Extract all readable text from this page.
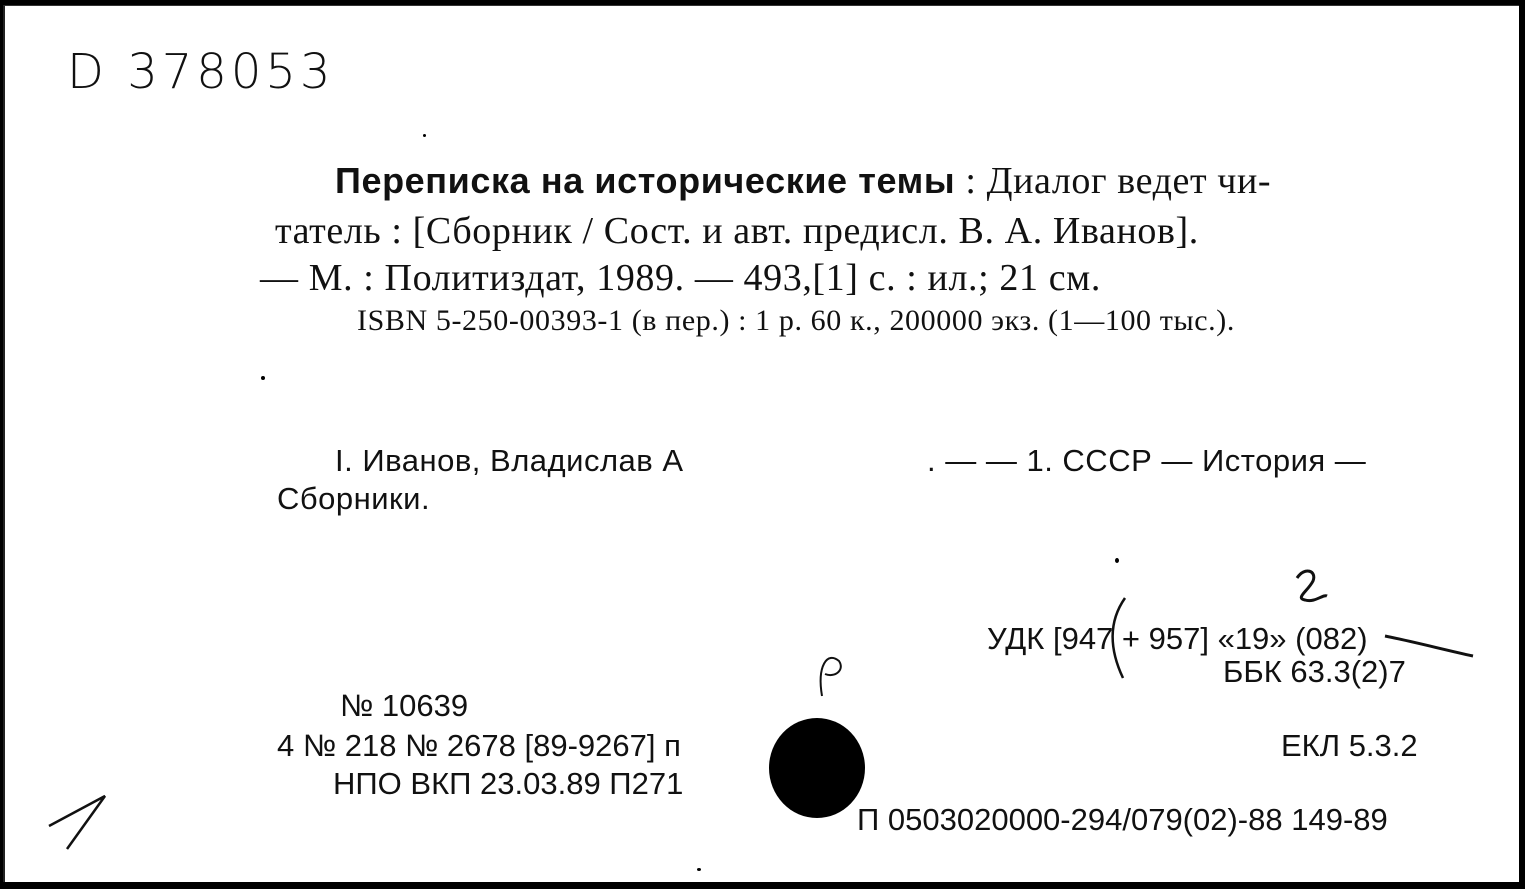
D 378053
Переписка на исторические темы : Диалог ведет чи-
татель : [Сборник / Сост. и авт. предисл. В. А. Иванов].
— М. : Политиздат, 1989. — 493,[1] с. : ил.; 21 см.
ISBN 5-250-00393-1 (в пер.) : 1 р. 60 к., 200000 экз. (1—100 тыс.).
I. Иванов, Владислав А	. — — 1. СССР — История —
Сборники.
УДК [947 + 957] «19» (082)
ББК 63.3(2)7
№ 10639
4 № 218 № 2678 [89-9267] п
НПО ВКП 23.03.89 П271
ЕКЛ 5.3.2
П 0503020000-294/079(02)-88 149-89
